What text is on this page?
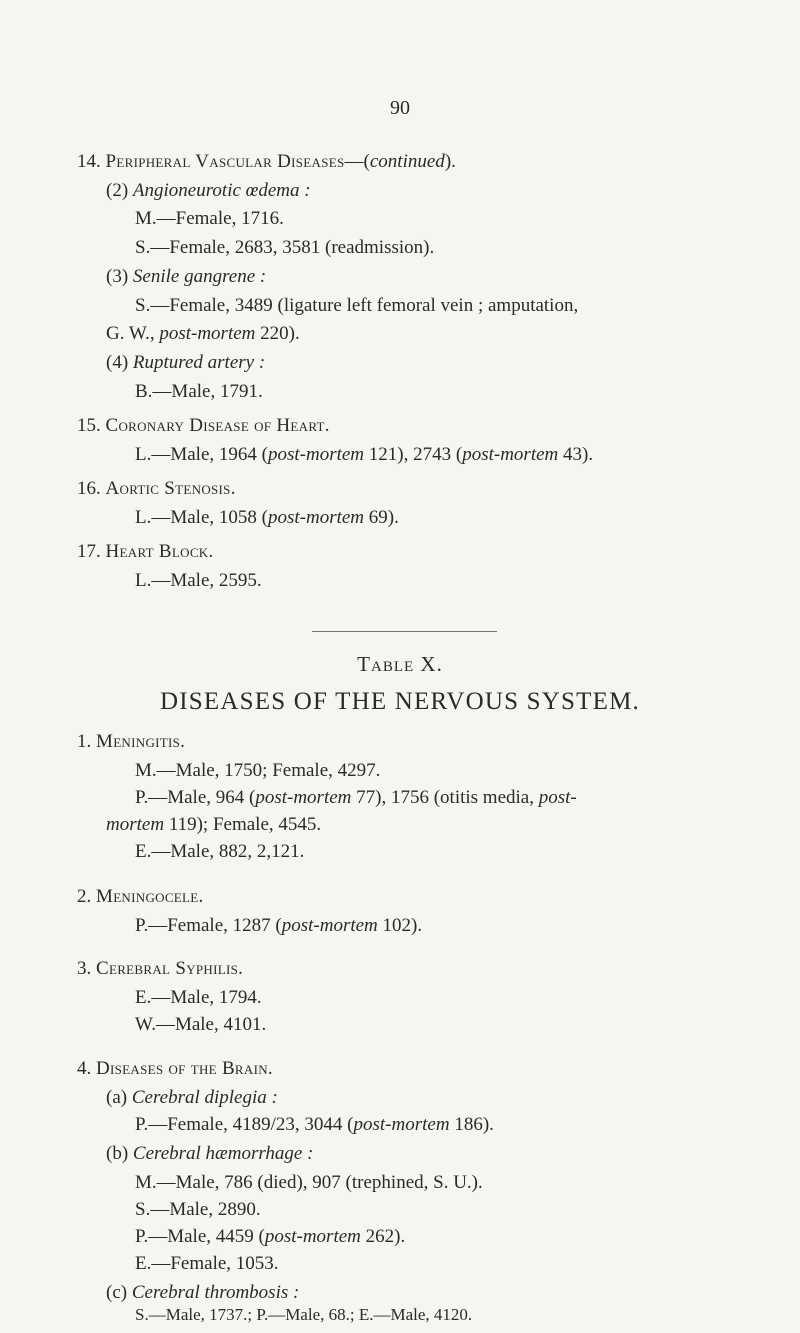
90
14. Peripheral Vascular Diseases—(continued).
(2) Angioneurotic œdema :
M.—Female, 1716.
S.—Female, 2683, 3581 (readmission).
(3) Senile gangrene :
S.—Female, 3489 (ligature left femoral vein ; amputation,
G. W., post-mortem 220).
(4) Ruptured artery :
B.—Male, 1791.
15. Coronary Disease of Heart.
L.—Male, 1964 (post-mortem 121), 2743 (post-mortem 43).
16. Aortic Stenosis.
L.—Male, 1058 (post-mortem 69).
17. Heart Block.
L.—Male, 2595.
Table X.
DISEASES OF THE NERVOUS SYSTEM.
1. Meningitis.
M.—Male, 1750; Female, 4297.
P.—Male, 964 (post-mortem 77), 1756 (otitis media, post-
mortem 119); Female, 4545.
E.—Male, 882, 2,121.
2. Meningocele.
P.—Female, 1287 (post-mortem 102).
3. Cerebral Syphilis.
E.—Male, 1794.
W.—Male, 4101.
4. Diseases of the Brain.
(a) Cerebral diplegia :
P.—Female, 4189/23, 3044 (post-mortem 186).
(b) Cerebral hæmorrhage :
M.—Male, 786 (died), 907 (trephined, S. U.).
S.—Male, 2890.
P.—Male, 4459 (post-mortem 262).
E.—Female, 1053.
(c) Cerebral thrombosis :
S.—Male, 1737.; P.—Male, 68.; E.—Male, 4120.
